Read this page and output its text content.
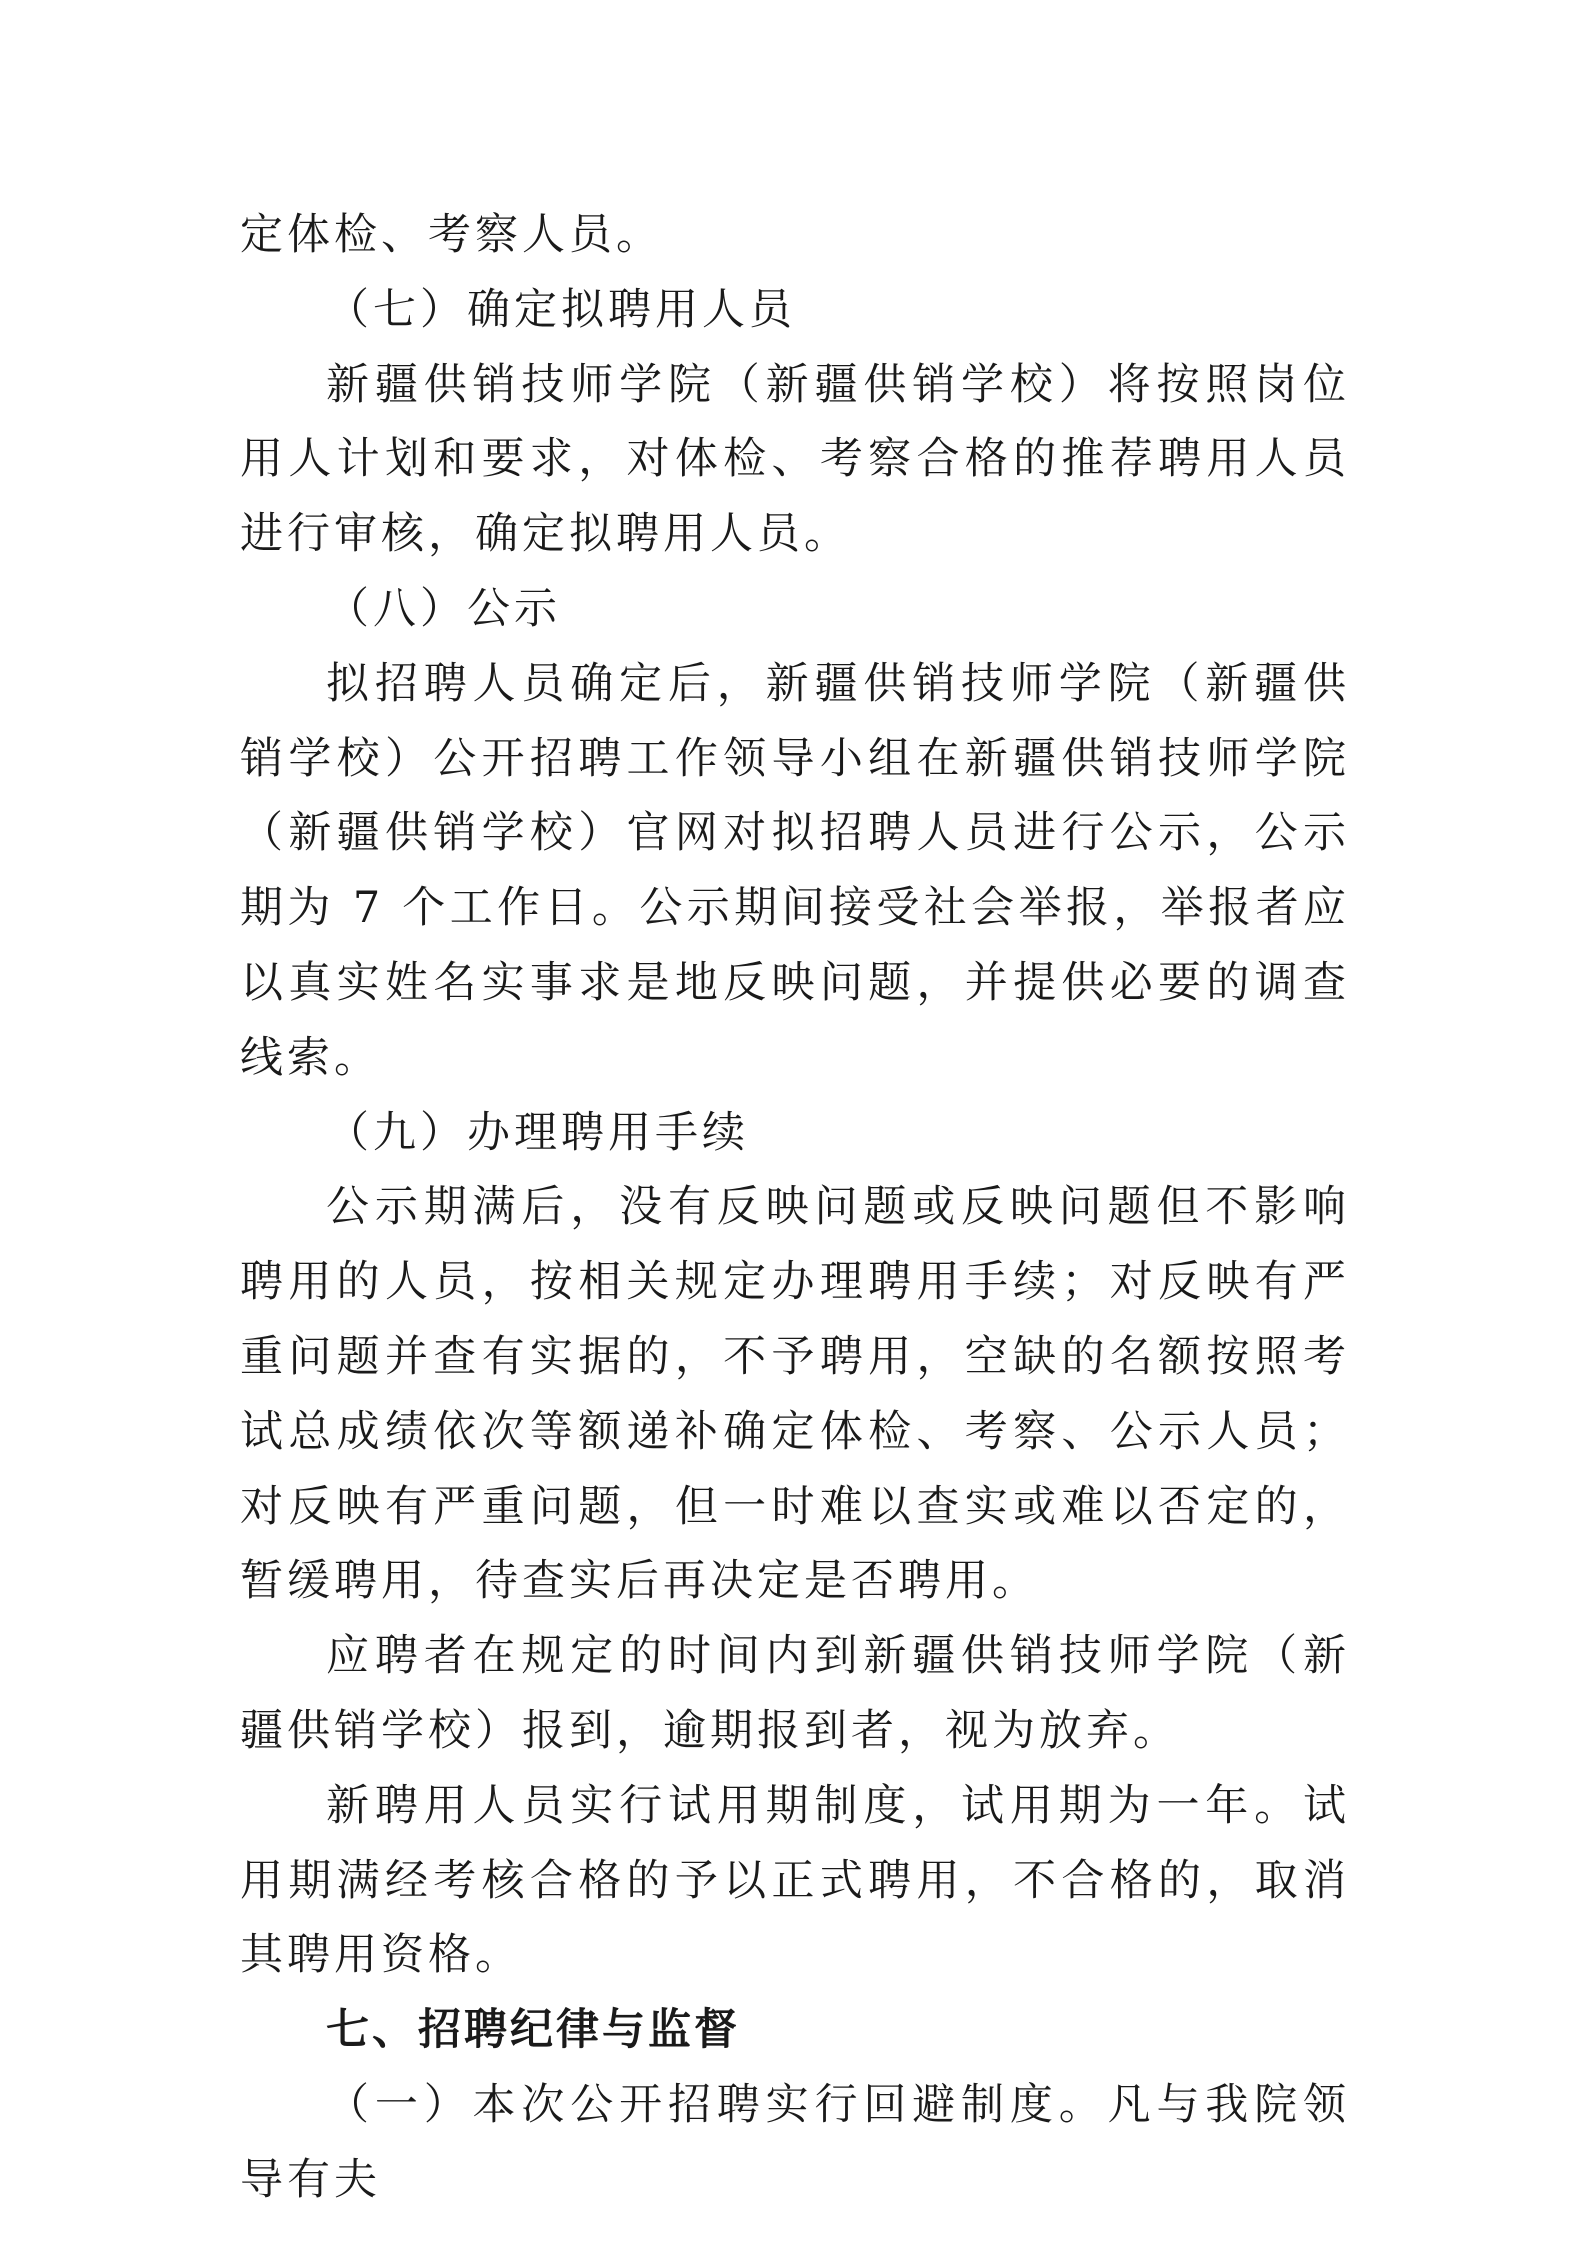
定体检、考察人员。

（七）确定拟聘用人员

新疆供销技师学院（新疆供销学校）将按照岗位用人计划和要求，对体检、考察合格的推荐聘用人员进行审核，确定拟聘用人员。

（八）公示

拟招聘人员确定后，新疆供销技师学院（新疆供销学校）公开招聘工作领导小组在新疆供销技师学院（新疆供销学校）官网对拟招聘人员进行公示，公示期为 7 个工作日。公示期间接受社会举报，举报者应以真实姓名实事求是地反映问题，并提供必要的调查线索。

（九）办理聘用手续

公示期满后，没有反映问题或反映问题但不影响聘用的人员，按相关规定办理聘用手续；对反映有严重问题并查有实据的，不予聘用，空缺的名额按照考试总成绩依次等额递补确定体检、考察、公示人员；对反映有严重问题，但一时难以查实或难以否定的，暂缓聘用，待查实后再决定是否聘用。

应聘者在规定的时间内到新疆供销技师学院（新疆供销学校）报到，逾期报到者，视为放弃。

新聘用人员实行试用期制度，试用期为一年。试用期满经考核合格的予以正式聘用，不合格的，取消其聘用资格。

七、招聘纪律与监督

（一）本次公开招聘实行回避制度。凡与我院领导有夫
